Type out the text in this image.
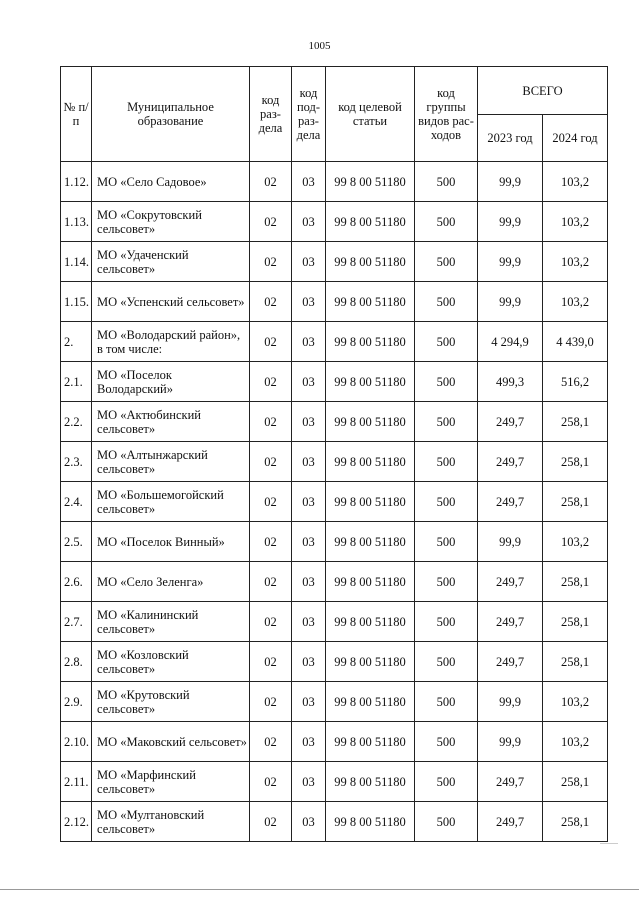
1005
№ п/п	Муниципальное образование	код раз-дела	код под-раз-дела	код целевой статьи	код группы видов рас-ходов	ВСЕГО	
						2023 год	2024 год
1.12.	МО «Село Садовое»	02	03	99 8 00 51180	500	99,9	103,2
1.13.	МО «Сокрутовский сельсовет»	02	03	99 8 00 51180	500	99,9	103,2
1.14.	МО «Удаченский сельсовет»	02	03	99 8 00 51180	500	99,9	103,2
1.15.	МО «Успенский сельсовет»	02	03	99 8 00 51180	500	99,9	103,2
2.	МО «Володарский район», в том числе:	02	03	99 8 00 51180	500	4 294,9	4 439,0
2.1.	МО «Поселок Володарский»	02	03	99 8 00 51180	500	499,3	516,2
2.2.	МО «Актюбинский сельсовет»	02	03	99 8 00 51180	500	249,7	258,1
2.3.	МО «Алтынжарский сельсовет»	02	03	99 8 00 51180	500	249,7	258,1
2.4.	МО «Большемогойский сельсовет»	02	03	99 8 00 51180	500	249,7	258,1
2.5.	МО «Поселок Винный»	02	03	99 8 00 51180	500	99,9	103,2
2.6.	МО «Село Зеленга»	02	03	99 8 00 51180	500	249,7	258,1
2.7.	МО «Калининский сельсовет»	02	03	99 8 00 51180	500	249,7	258,1
2.8.	МО «Козловский сельсовет»	02	03	99 8 00 51180	500	249,7	258,1
2.9.	МО «Крутовский сельсовет»	02	03	99 8 00 51180	500	99,9	103,2
2.10.	МО «Маковский сельсовет»	02	03	99 8 00 51180	500	99,9	103,2
2.11.	МО «Марфинский сельсовет»	02	03	99 8 00 51180	500	249,7	258,1
2.12.	МО «Мултановский сельсовет»	02	03	99 8 00 51180	500	249,7	258,1
